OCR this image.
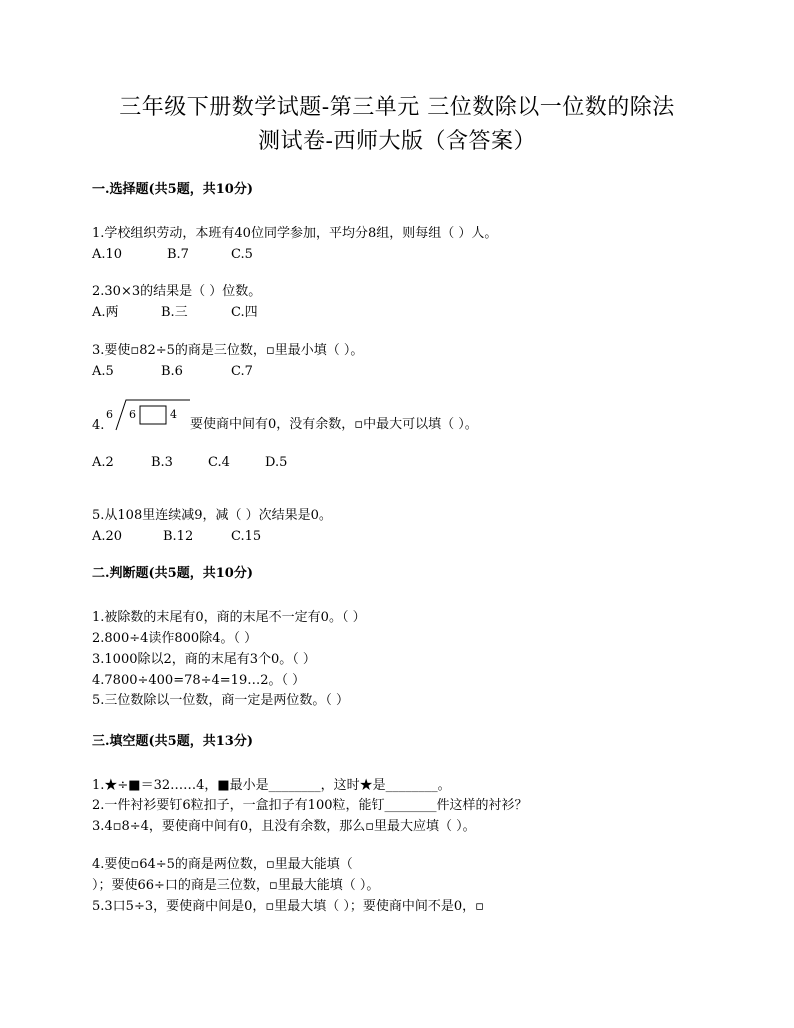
三年级下册数学试题-第三单元 三位数除以一位数的除法
测试卷-西师大版（含答案）
一.选择题(共5题，共10分)
1.学校组织劳动，本班有40位同学参加，平均分8组，则每组（ ）人。
A.10	B.7	C.5
2.30×3的结果是（ ）位数。
A.两	B.三	C.四
3.要使▫82÷5的商是三位数，▫里最小填（ ）。
A.5	B.6	C.7
4.
6 6	4
要使商中间有0，没有余数，▫中最大可以填（ ）。
A.2	B.3	C.4	D.5
5.从108里连续减9，减（ ）次结果是0。
A.20	B.12	C.15
二.判断题(共5题，共10分)
1.被除数的末尾有0，商的末尾不一定有0。（ ）
2.800÷4读作800除4。（ ）
3.1000除以2，商的末尾有3个0。（ ）
4.7800÷400=78÷4=19…2。（ ）
5.三位数除以一位数，商一定是两位数。（ ）
三.填空题(共5题，共13分)
1.★÷■＝32……4，■最小是________，这时★是________。
2.一件衬衫要钉6粒扣子，一盒扣子有100粒，能钉________件这样的衬衫？
3.4▫8÷4，要使商中间有0，且没有余数，那么▫里最大应填（ ）。
4.要使▫64÷5的商是两位数，▫里最大能填（
）；要使66÷口的商是三位数，▫里最大能填（ ）。
5.3口5÷3，要使商中间是0，▫里最大填（ ）；要使商中间不是0，▫
